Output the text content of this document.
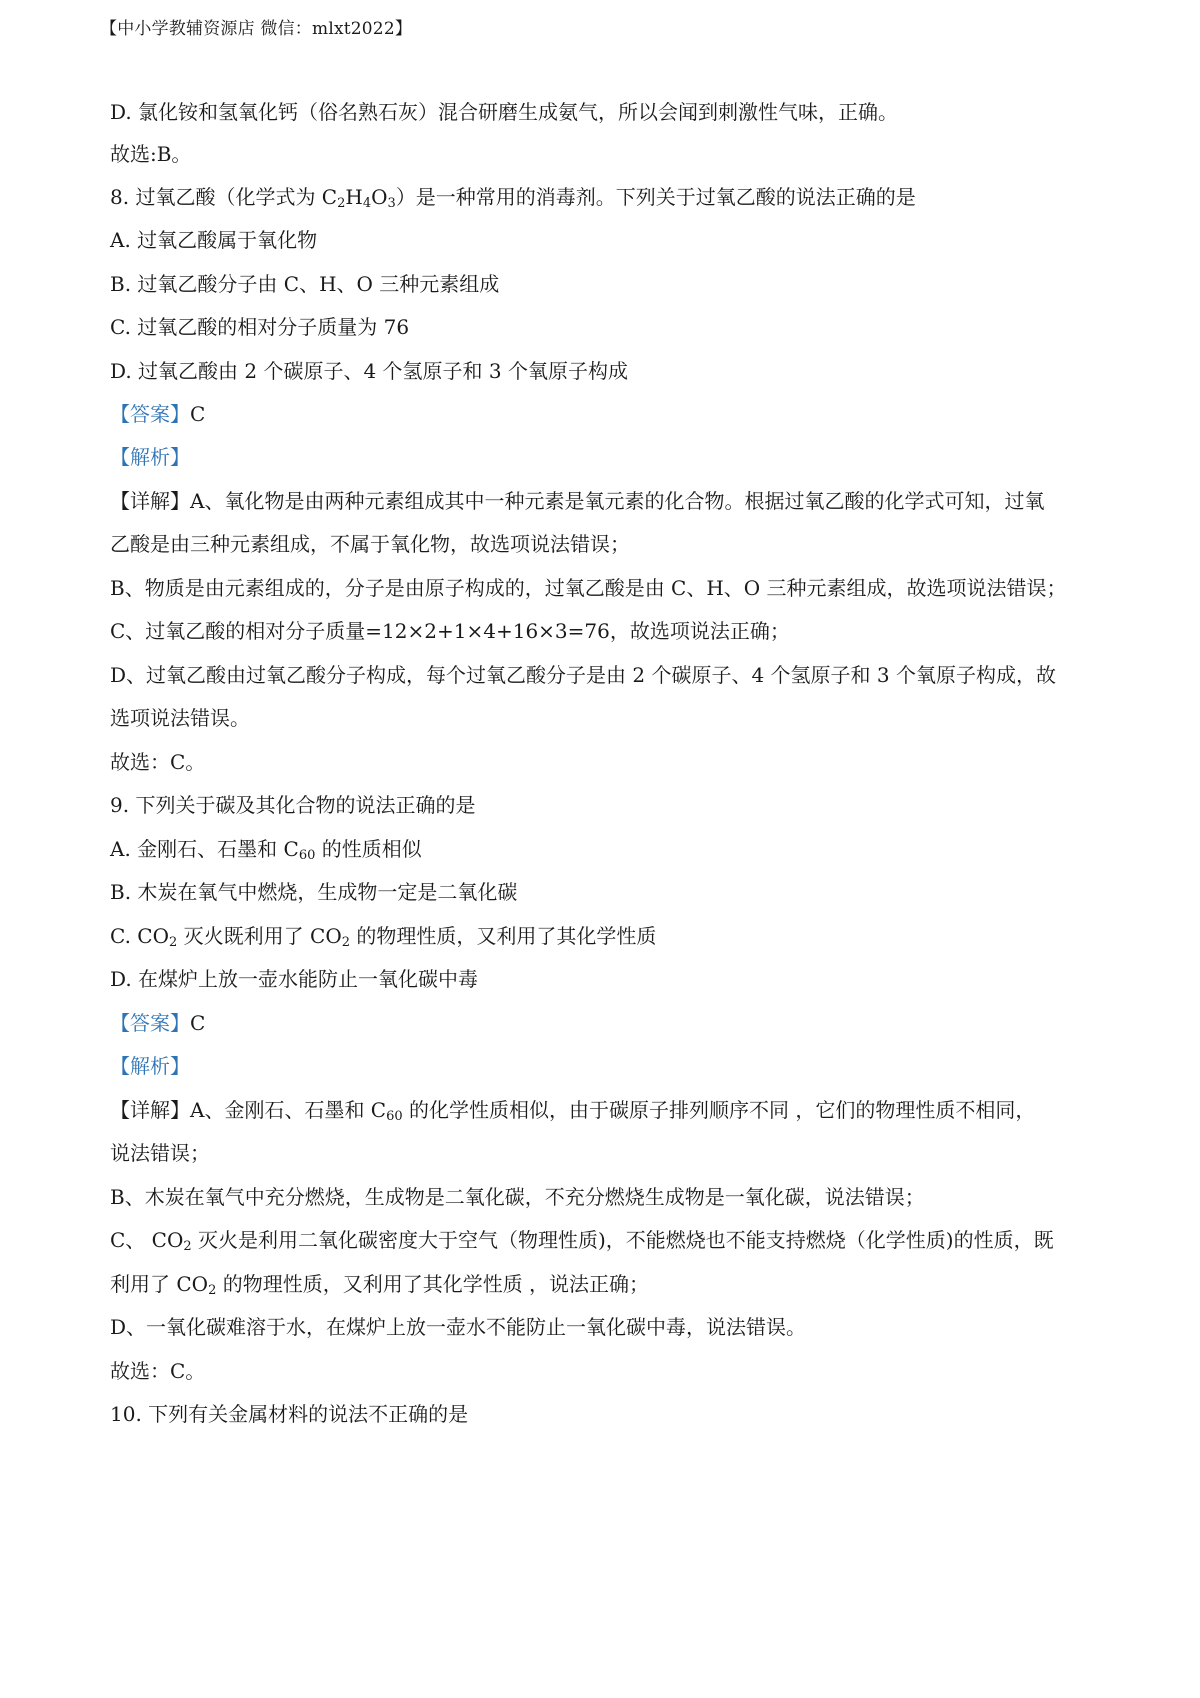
【中小学教辅资源店 微信：mlxt2022】
D. 氯化铵和氢氧化钙（俗名熟石灰）混合研磨生成氨气，所以会闻到刺激性气味，正确。
故选:B。
8. 过氧乙酸（化学式为 $C_2H_4O_3$）是一种常用的消毒剂。下列关于过氧乙酸的说法正确的是
A. 过氧乙酸属于氧化物
B. 过氧乙酸分子由 C、H、O 三种元素组成
C. 过氧乙酸的相对分子质量为 76
D. 过氧乙酸由 2 个碳原子、4 个氢原子和 3 个氧原子构成
【答案】C
【解析】
【详解】A、氧化物是由两种元素组成其中一种元素是氧元素的化合物。根据过氧乙酸的化学式可知，过氧
乙酸是由三种元素组成，不属于氧化物，故选项说法错误；
B、物质是由元素组成的，分子是由原子构成的，过氧乙酸是由 C、H、O 三种元素组成，故选项说法错误；
C、过氧乙酸的相对分子质量=12×2+1×4+16×3=76，故选项说法正确；
D、过氧乙酸由过氧乙酸分子构成，每个过氧乙酸分子是由 2 个碳原子、4 个氢原子和 3 个氧原子构成，故
选项说法错误。
故选：C。
9. 下列关于碳及其化合物的说法正确的是
A. 金刚石、石墨和 $C_{60}$ 的性质相似
B. 木炭在氧气中燃烧，生成物一定是二氧化碳
C. $CO_2$ 灭火既利用了 $CO_2$ 的物理性质，又利用了其化学性质
D. 在煤炉上放一壶水能防止一氧化碳中毒
【答案】C
【解析】
【详解】A、金刚石、石墨和 $C_{60}$ 的化学性质相似，由于碳原子排列顺序不同 ，它们的物理性质不相同，
说法错误；
B、木炭在氧气中充分燃烧，生成物是二氧化碳，不充分燃烧生成物是一氧化碳，说法错误；
C、 $CO_2$ 灭火是利用二氧化碳密度大于空气（物理性质)，不能燃烧也不能支持燃烧（化学性质)的性质，既
利用了 $CO_2$ 的物理性质，又利用了其化学性质 ，说法正确；
D、一氧化碳难溶于水，在煤炉上放一壶水不能防止一氧化碳中毒，说法错误。
故选：C。
10. 下列有关金属材料的说法不正确的是
